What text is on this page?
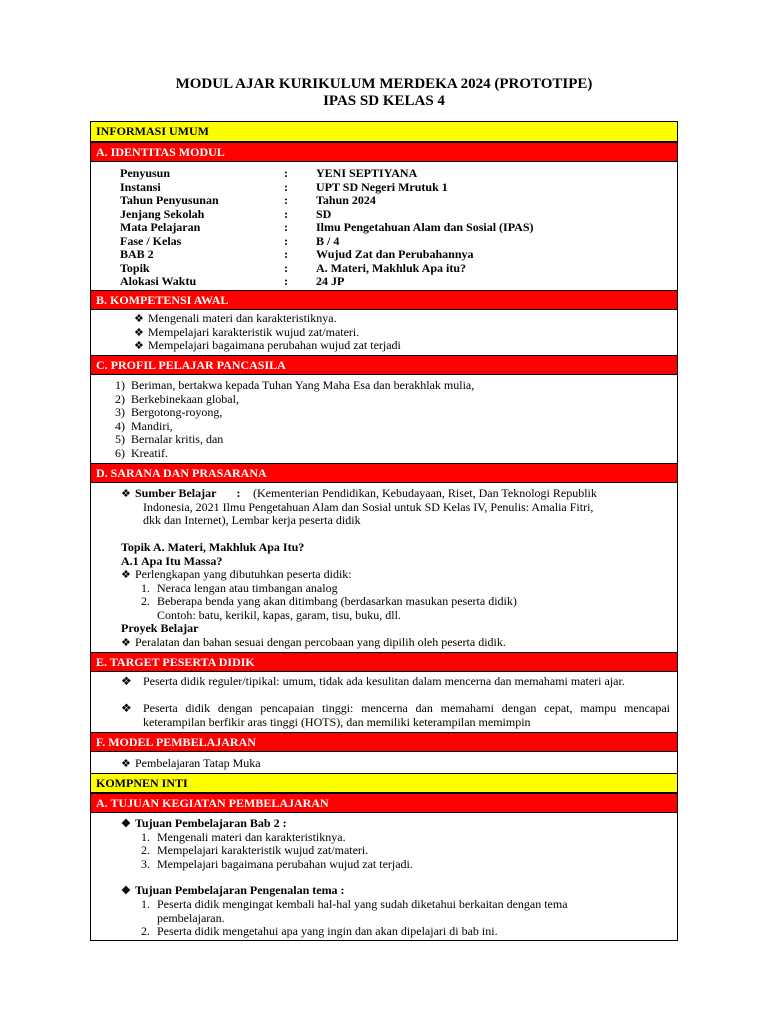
MODUL AJAR KURIKULUM MERDEKA 2024 (PROTOTIPE)
IPAS SD KELAS 4
INFORMASI UMUM
A. IDENTITAS MODUL
Penyusun	: YENI SEPTIYANA
Instansi	: UPT SD Negeri Mrutuk 1
Tahun Penyusunan	: Tahun 2024
Jenjang Sekolah	: SD
Mata Pelajaran	: Ilmu Pengetahuan Alam dan Sosial (IPAS)
Fase / Kelas	: B / 4
BAB 2	: Wujud Zat dan Perubahannya
Topik	: A. Materi, Makhluk Apa itu?
Alokasi Waktu	: 24 JP
B. KOMPETENSI AWAL
❖ Mengenali materi dan karakteristiknya.
❖ Mempelajari karakteristik wujud zat/materi.
❖ Mempelajari bagaimana perubahan wujud zat terjadi
C. PROFIL PELAJAR PANCASILA
1) Beriman, bertakwa kepada Tuhan Yang Maha Esa dan berakhlak mulia,
2) Berkebinekaan global,
3) Bergotong-royong,
4) Mandiri,
5) Bernalar kritis, dan
6) Kreatif.
D. SARANA DAN PRASARANA
❖ Sumber Belajar : (Kementerian Pendidikan, Kebudayaan, Riset, Dan Teknologi Republik
Indonesia, 2021 Ilmu Pengetahuan Alam dan Sosial untuk SD Kelas IV, Penulis: Amalia Fitri,
dkk dan Internet), Lembar kerja peserta didik
Topik A. Materi, Makhluk Apa Itu?
A.1 Apa Itu Massa?
❖ Perlengkapan yang dibutuhkan peserta didik:
1. Neraca lengan atau timbangan analog
2. Beberapa benda yang akan ditimbang (berdasarkan masukan peserta didik)
Contoh: batu, kerikil, kapas, garam, tisu, buku, dll.
Proyek Belajar
❖ Peralatan dan bahan sesuai dengan percobaan yang dipilih oleh peserta didik.
E. TARGET PESERTA DIDIK
❖ Peserta didik reguler/tipikal: umum, tidak ada kesulitan dalam mencerna dan memahami materi ajar.
❖ Peserta didik dengan pencapaian tinggi: mencerna dan memahami dengan cepat, mampu mencapai keterampilan berfikir aras tinggi (HOTS), dan memiliki keterampilan memimpin
F. MODEL PEMBELAJARAN
❖ Pembelajaran Tatap Muka
KOMPNEN INTI
A. TUJUAN KEGIATAN PEMBELAJARAN
❖ Tujuan Pembelajaran Bab 2 :
1. Mengenali materi dan karakteristiknya.
2. Mempelajari karakteristik wujud zat/materi.
3. Mempelajari bagaimana perubahan wujud zat terjadi.
❖ Tujuan Pembelajaran Pengenalan tema :
1. Peserta didik mengingat kembali hal-hal yang sudah diketahui berkaitan dengan tema
pembelajaran.
2. Peserta didik mengetahui apa yang ingin dan akan dipelajari di bab ini.
